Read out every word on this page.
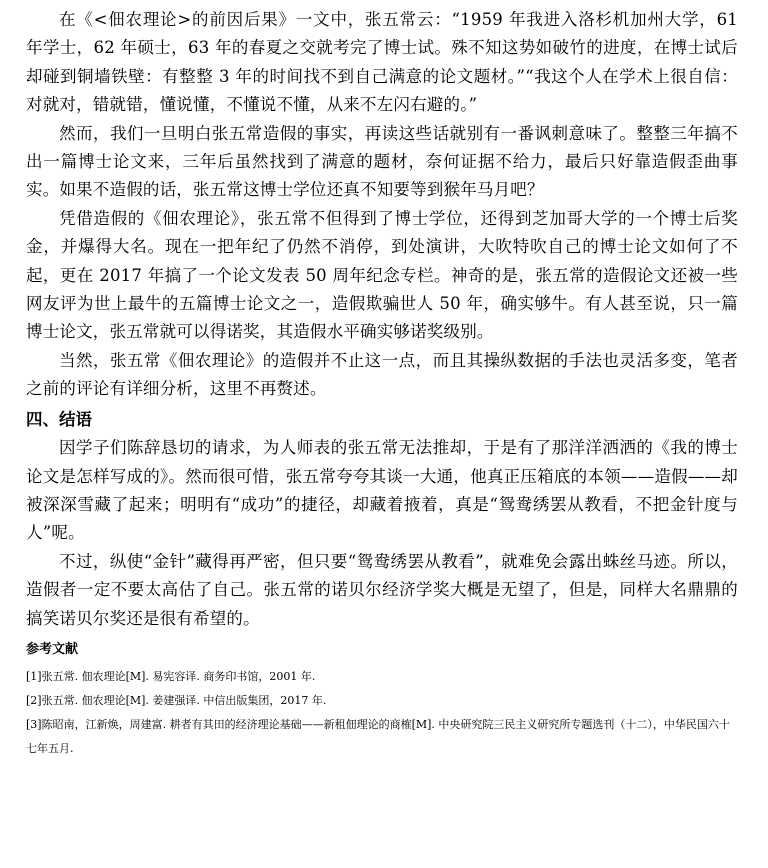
在《<佃农理论>的前因后果》一文中，张五常云：“1959 年我进入洛杉机加州大学，61 年学士，62 年硕士，63 年的春夏之交就考完了博士试。殊不知这势如破竹的进度，在博士试后却碰到铜墙铁壁：有整整 3 年的时间找不到自己满意的论文题材。”“我这个人在学术上很自信：对就对，错就错，懂说懂，不懂说不懂，从来不左闪右避的。”

然而，我们一旦明白张五常造假的事实，再读这些话就别有一番讽刺意味了。整整三年搞不出一篇博士论文来，三年后虽然找到了满意的题材，奈何证据不给力，最后只好靠造假歪曲事实。如果不造假的话，张五常这博士学位还真不知要等到猴年马月吧？

凭借造假的《佃农理论》，张五常不但得到了博士学位，还得到芝加哥大学的一个博士后奖金，并爆得大名。现在一把年纪了仍然不消停，到处演讲，大吹特吹自己的博士论文如何了不起，更在 2017 年搞了一个论文发表 50 周年纪念专栏。神奇的是，张五常的造假论文还被一些网友评为世上最牛的五篇博士论文之一，造假欺骗世人 50 年，确实够牛。有人甚至说，只一篇博士论文，张五常就可以得诺奖，其造假水平确实够诺奖级别。

当然，张五常《佃农理论》的造假并不止这一点，而且其操纵数据的手法也灵活多变，笔者之前的评论有详细分析，这里不再赘述。

四、结语

因学子们陈辞恳切的请求，为人师表的张五常无法推却，于是有了那洋洋洒洒的《我的博士论文是怎样写成的》。然而很可惜，张五常夸夸其谈一大通，他真正压箱底的本领——造假——却被深深雪藏了起来；明明有“成功”的捷径，却藏着掖着，真是“鸳鸯绣罢从教看，不把金针度与人”呢。

不过，纵使“金针”藏得再严密，但只要“鸳鸯绣罢从教看”，就难免会露出蛛丝马迹。所以，造假者一定不要太高估了自己。张五常的诺贝尔经济学奖大概是无望了，但是，同样大名鼎鼎的搞笑诺贝尔奖还是很有希望的。

参考文献

[1]张五常. 佃农理论[M]. 易宪容译. 商务印书馆，2001 年.

[2]张五常. 佃农理论[M]. 姜建强译. 中信出版集团，2017 年.

[3]陈昭南，江新焕，周建富. 耕者有其田的经济理论基础——新租佃理论的商榷[M]. 中央研究院三民主义研究所专题选刊（十二），中华民国六十七年五月.
